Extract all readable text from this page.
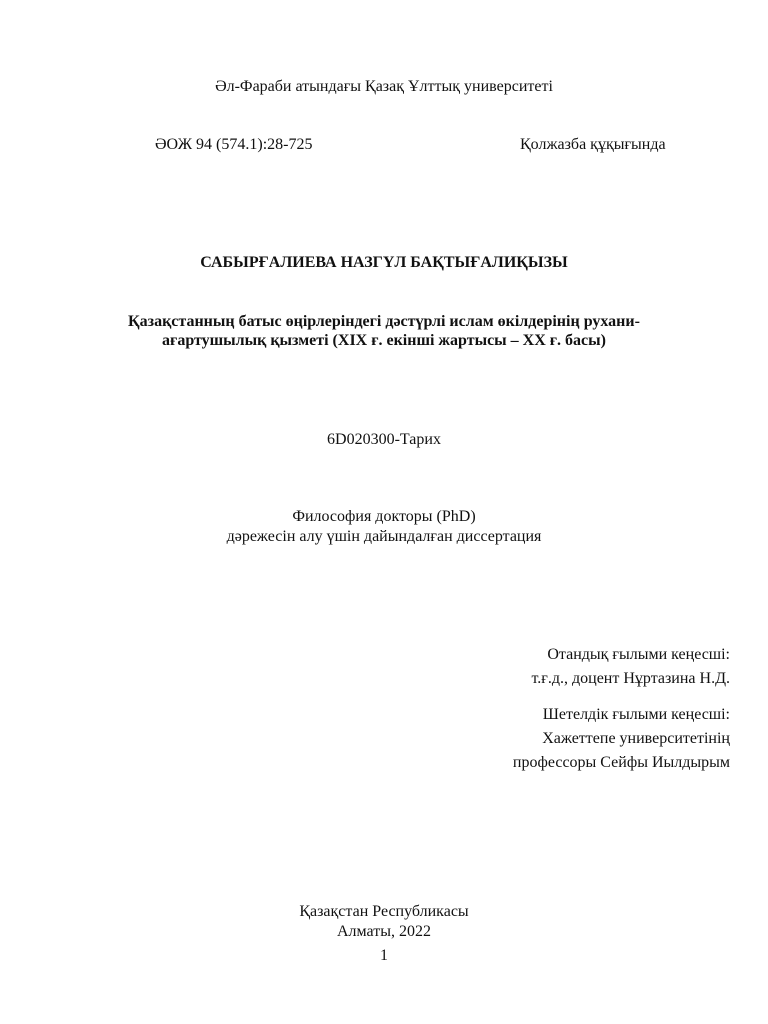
Әл-Фараби атындағы Қазақ Ұлттық университеті
ӘОЖ 94 (574.1):28-725	Қолжазба құқығында
САБЫРҒАЛИЕВА НАЗГҮЛ БАҚТЫҒАЛИҚЫЗЫ
Қазақстанның батыс өңірлеріндегі дәстүрлі ислам өкілдерінің рухани-
ағартушылық қызметі (XIX ғ. екінші жартысы – XX ғ. басы)
6D020300-Тарих
Философия докторы (PhD)
дәрежесін алу үшін дайындалған диссертация
Отандық ғылыми кеңесші:
т.ғ.д., доцент Нұртазина Н.Д.
Шетелдік ғылыми кеңесші:
Хажеттепе университетінің
профессоры Сейфы Иылдырым
Қазақстан Республикасы
Алматы, 2022
1
